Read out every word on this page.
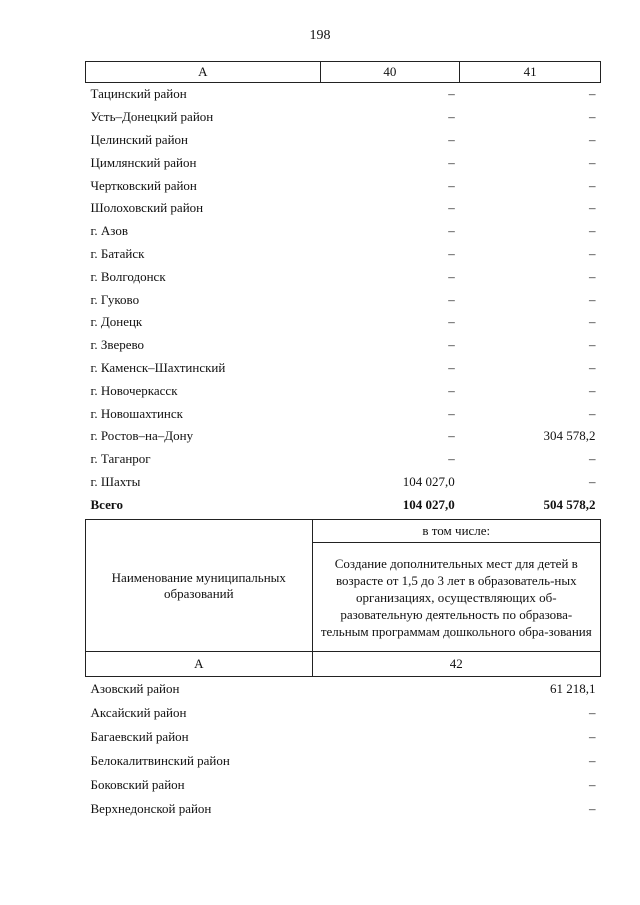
198
А	40	41
Тацинский район	–	–
Усть–Донецкий район	–	–
Целинский район	–	–
Цимлянский район	–	–
Чертковский район	–	–
Шолоховский район	–	–
г. Азов	–	–
г. Батайск	–	–
г. Волгодонск	–	–
г. Гуково	–	–
г. Донецк	–	–
г. Зверево	–	–
г. Каменск–Шахтинский	–	–
г. Новочеркасск	–	–
г. Новошахтинск	–	–
г. Ростов–на–Дону	–	304 578,2
г. Таганрог	–	–
г. Шахты	104 027,0	–
Всего	104 027,0	504 578,2
Наименование муниципальных образований	в том числе:
	Создание дополнительных мест для детей в возрасте от 1,5 до 3 лет в образователь-ных организациях, осуществляющих об-разовательную деятельность по образова-тельным программам дошкольного обра-зования
А	42
Азовский район	61 218,1
Аксайский район	–
Багаевский район	–
Белокалитвинский район	–
Боковский район	–
Верхнедонской район	–
